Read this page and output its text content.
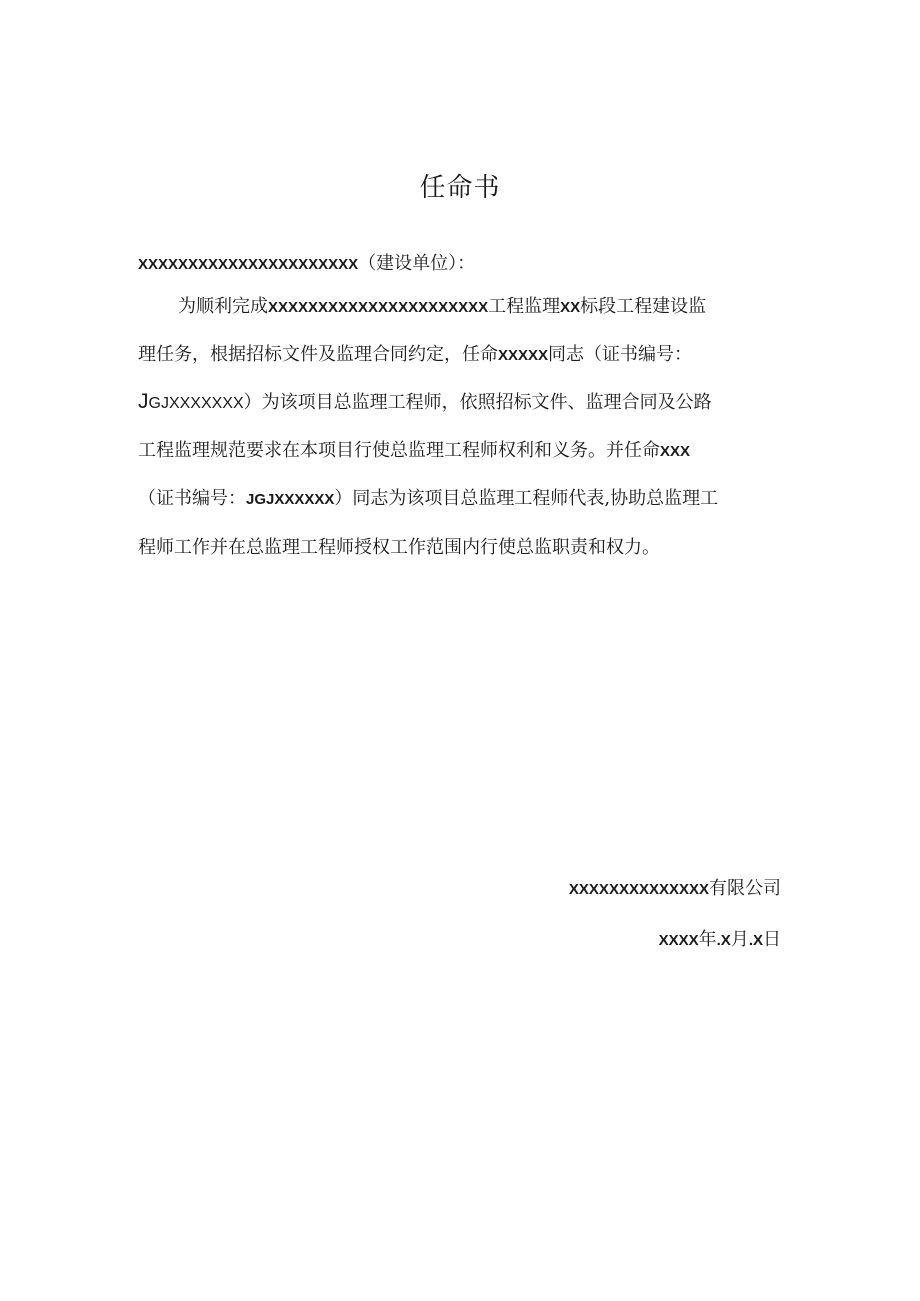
任命书
XXXXXXXXXXXXXXXXXXXXXX（建设单位）：
为顺利完成XXXXXXXXXXXXXXXXXXXXXX工程监理XX标段工程建设监
理任务，根据招标文件及监理合同约定，任命XXXXX同志（证书编号：
JGJXXXXXXX）为该项目总监理工程师，依照招标文件、监理合同及公路
工程监理规范要求在本项目行使总监理工程师权利和义务。并任命XXX
（证书编号：JGJXXXXXX）同志为该项目总监理工程师代表,协助总监理工
程师工作并在总监理工程师授权工作范围内行使总监职责和权力。
XXXXXXXXXXXXXX有限公司
XXXX年.X月.X日
